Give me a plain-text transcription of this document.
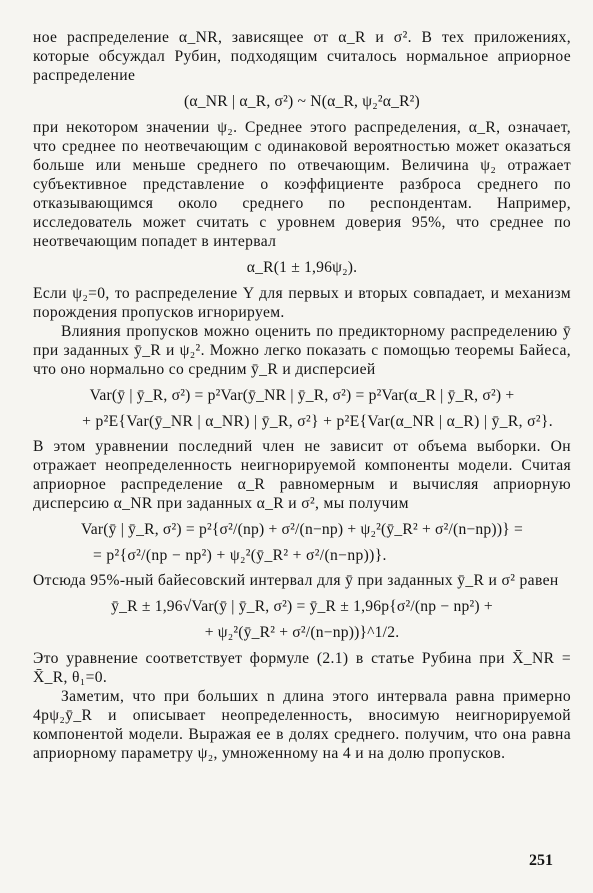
ное распределение α_NR, зависящее от α_R и σ². В тех приложениях, которые обсуждал Рубин, подходящим считалось нормальное априорное распределение

(α_NR | α_R, σ²) ~ N(α_R, ψ₂²α_R²)

при некотором значении ψ₂. Среднее этого распределения, α_R, означает, что среднее по неотвечающим с одинаковой вероятностью может оказаться больше или меньше среднего по отвечающим. Величина ψ₂ отражает субъективное представление о коэффициенте разброса среднего по отказывающимся около среднего по респондентам. Например, исследователь может считать с уровнем доверия 95%, что среднее по неотвечающим попадет в интервал

α_R(1 ± 1,96ψ₂).

Если ψ₂=0, то распределение Y для первых и вторых совпадает, и механизм порождения пропусков игнорируем.

Влияния пропусков можно оценить по предикторному распределению ȳ при заданных ȳ_R и ψ₂². Можно легко показать с помощью теоремы Байеса, что оно нормально со средним ȳ_R и дисперсией

Var(ȳ | ȳ_R, σ²) = p²Var(ȳ_NR | ȳ_R, σ²) = p²Var(α_R | ȳ_R, σ²) +
+ p²E{Var(ȳ_NR | α_NR) | ȳ_R, σ²} + p²E{Var(α_NR | α_R) | ȳ_R, σ²}.

В этом уравнении последний член не зависит от объема выборки. Он отражает неопределенность неигнорируемой компоненты модели. Считая априорное распределение α_R равномерным и вычисляя априорную дисперсию α_NR при заданных α_R и σ², мы получим

Var(ȳ | ȳ_R, σ²) = p²{σ²/(np) + σ²/(n−np) + ψ₂²(ȳ_R² + σ²/(n−np))} =
= p²{σ²/(np − np²) + ψ₂²(ȳ_R² + σ²/(n−np))}.

Отсюда 95%-ный байесовский интервал для ȳ при заданных ȳ_R и σ² равен

ȳ_R ± 1,96√Var(ȳ | ȳ_R, σ²) = ȳ_R ± 1,96p{σ²/(np − np²) +
+ ψ₂²(ȳ_R² + σ²/(n−np))}^1/2.

Это уравнение соответствует формуле (2.1) в статье Рубина при X̄_NR = X̄_R, θ₁=0.

Заметим, что при больших n длина этого интервала равна примерно 4pψ₂ȳ_R и описывает неопределенность, вносимую неигнорируемой компонентой модели. Выражая ее в долях среднего. получим, что она равна априорному параметру ψ₂, умноженному на 4 и на долю пропусков.

251
